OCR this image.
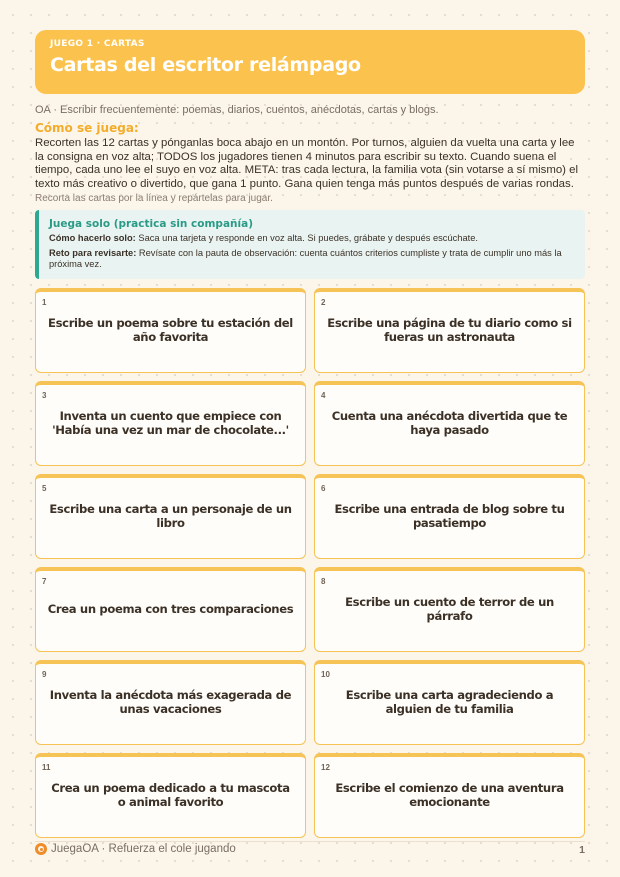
JUEGO 1 · CARTAS
Cartas del escritor relámpago
OA · Escribir frecuentemente: poemas, diarios, cuentos, anécdotas, cartas y blogs.
Cómo se juega:
Recorten las 12 cartas y pónganlas boca abajo en un montón. Por turnos, alguien da vuelta una carta y lee la consigna en voz alta; TODOS los jugadores tienen 4 minutos para escribir su texto. Cuando suena el tiempo, cada uno lee el suyo en voz alta. META: tras cada lectura, la familia vota (sin votarse a sí mismo) el texto más creativo o divertido, que gana 1 punto. Gana quien tenga más puntos después de varias rondas.
Recorta las cartas por la línea y repártelas para jugar.
Juega solo (practica sin compañía)
Cómo hacerlo solo: Saca una tarjeta y responde en voz alta. Si puedes, grábate y después escúchate.
Reto para revisarte: Revísate con la pauta de observación: cuenta cuántos criterios cumpliste y trata de cumplir uno más la próxima vez.
1
Escribe un poema sobre tu estación del año favorita
2
Escribe una página de tu diario como si fueras un astronauta
3
Inventa un cuento que empiece con 'Había una vez un mar de chocolate...'
4
Cuenta una anécdota divertida que te haya pasado
5
Escribe una carta a un personaje de un libro
6
Escribe una entrada de blog sobre tu pasatiempo
7
Crea un poema con tres comparaciones
8
Escribe un cuento de terror de un párrafo
9
Inventa la anécdota más exagerada de unas vacaciones
10
Escribe una carta agradeciendo a alguien de tu familia
11
Crea un poema dedicado a tu mascota o animal favorito
12
Escribe el comienzo de una aventura emocionante
JuegaOA · Refuerza el cole jugando	1
